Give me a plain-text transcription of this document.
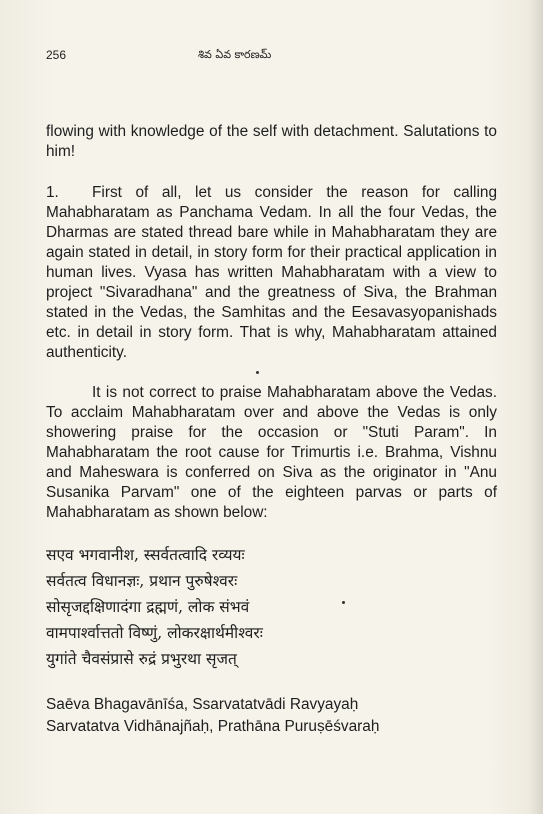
256	శివ ఏవ కారణమ్

flowing with knowledge of the self with detachment. Salutations to him!

1. First of all, let us consider the reason for calling Mahabharatam as Panchama Vedam. In all the four Vedas, the Dharmas are stated thread bare while in Mahabharatam they are again stated in detail, in story form for their practical application in human lives. Vyasa has written Mahabharatam with a view to project "Sivaradhana" and the greatness of Siva, the Brahman stated in the Vedas, the Samhitas and the Eesavasyopanishads etc. in detail in story form. That is why, Mahabharatam attained authenticity.

It is not correct to praise Mahabharatam above the Vedas. To acclaim Mahabharatam over and above the Vedas is only showering praise for the occasion or "Stuti Param". In Mahabharatam the root cause for Trimurtis i.e. Brahma, Vishnu and Maheswara is conferred on Siva as the originator in "Anu Susanika Parvam" one of the eighteen parvas or parts of Mahabharatam as shown below:

सएव भगवानीश, स्सर्वतत्वादि रव्ययः
सर्वतत्व विधानज्ञः, प्रथान पुरुषेश्वरः
सोसृजद्दक्षिणादंगा द्रह्मणं, लोक संभवं
वामपार्श्वात्ततो विष्णुं, लोकरक्षार्थमीश्वरः
युगांते चैवसंप्रासे रुद्रं प्रभुरथा सृजत्
Saēva Bhagavānīśa, Ssarvatatvādi Ravyayaḥ
Sarvatatva Vidhānajñaḥ, Prathāna Puruṣēśvaraḥ
